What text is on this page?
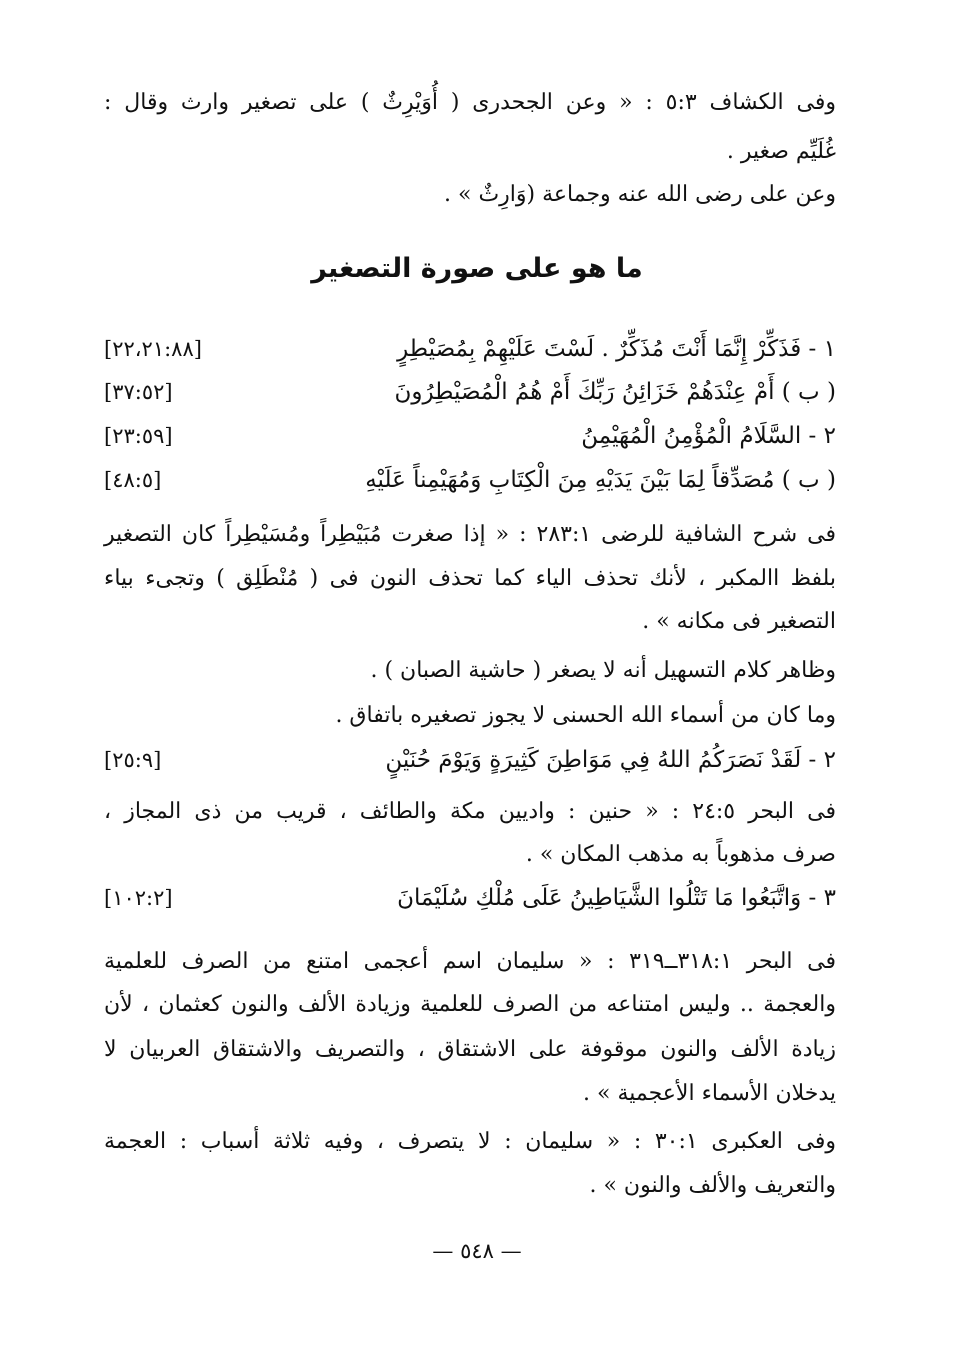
وفى الكشاف ٥:٣ : « وعن الجحدرى ( أُوَيْرِثٌ ) على تصغير وارث وقال :
غُلَيِّم صغير .
وعن على رضى الله عنه وجماعة (وَارِثٌ » .
ما هو على صورة التصغير
١ - فَذَكِّرْ إِنَّمَا أَنْتَ مُذَكِّرٌ . لَسْتَ عَلَيْهِمْ بِمُصَيْطِرٍ
[٢٢،٢١:٨٨]
( ب ) أَمْ عِنْدَهُمْ خَزَائِنُ رَبِّكَ أَمْ هُمُ الْمُصَيْطِرُونَ
[٣٧:٥٢]
٢ - السَّلَامُ الْمُؤْمِنُ الْمُهَيْمِنُ
[٢٣:٥٩]
( ب ) مُصَدِّقاً لِمَا بَيْنَ يَدَيْهِ مِنَ الْكِتَابِ وَمُهَيْمِناً عَلَيْهِ
[٤٨:٥]
فى شرح الشافية للرضى ٢٨٣:١ : « إذا صغرت مُبَيْطِراً ومُسَيْطِراً كان التصغير
بلفظ االمكبر ، لأنك تحذف الياء كما تحذف النون فى ( مُنْطَلِق ) وتجىء بياء
التصغير فى مكانه » .
وظاهر كلام التسهيل أنه لا يصغر ( حاشية الصبان ) .
وما كان من أسماء الله الحسنى لا يجوز تصغيره باتفاق .
٢ - لَقَدْ نَصَرَكُمُ اللهُ فِي مَوَاطِنَ كَثِيرَةٍ وَيَوْمَ حُنَيْنٍ
[٢٥:٩]
فى البحر ٢٤:٥ : « حنين : واديين مكة والطائف ، قريب من ذى المجاز ،
صرف مذهوباً به مذهب المكان » .
٣ - وَاتَّبَعُوا مَا تَتْلُوا الشَّيَاطِينُ عَلَى مُلْكِ سُلَيْمَانَ
[١٠٢:٢]
فى البحر ٣١٨:١ــ٣١٩ : « سليمان اسم أعجمى امتنع من الصرف للعلمية
والعجمة .. وليس امتناعه من الصرف للعلمية وزيادة الألف والنون كعثمان ، لأن
زيادة الألف والنون موقوفة على الاشتقاق ، والتصريف والاشتقاق العربيان لا
يدخلان الأسماء الأعجمية » .
وفى العكبرى ٣٠:١ : « سليمان : لا يتصرف ، وفيه ثلاثة أسباب : العجمة
والتعريف والألف والنون » .
— ٥٤٨ —
